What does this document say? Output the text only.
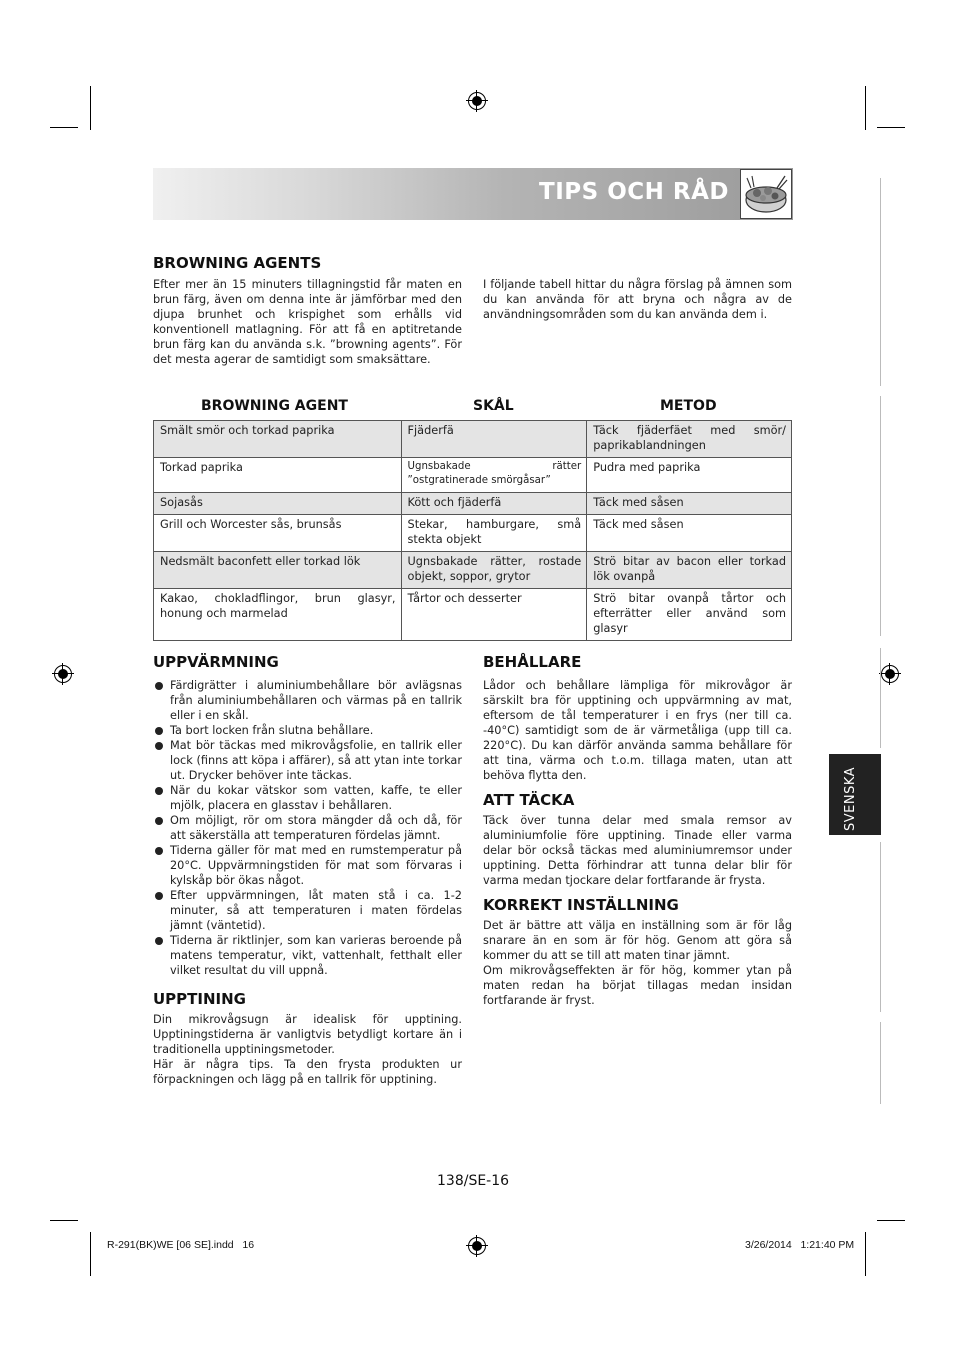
TIPS OCH RÅD
BROWNING AGENTS
Efter mer än 15 minuters tillagningstid får maten en brun färg, även om denna inte är jämförbar med den djupa brunhet och krispighet som erhålls vid konventionell matlagning. För att få en aptitretande brun färg kan du använda s.k. ”browning agents”. För det mesta agerar de samtidigt som smaksättare.
I följande tabell hittar du några förslag på ämnen som du kan använda för att bryna och några av de användningsområden som du kan använda dem i.
BROWNING AGENT	SKÅL	METOD
Smält smör och torkad paprika	Fjäderfä	Täck fjäderfäet med smör/ paprikablandningen
Torkad paprika	Ugnsbakade rätter ”ostgratinerade smörgåsar”	Pudra med paprika
Sojasås	Kött och fjäderfä	Täck med såsen
Grill och Worcester sås, brunsås	Stekar, hamburgare, små stekta objekt	Täck med såsen
Nedsmält baconfett eller torkad lök	Ugnsbakade rätter, rostade objekt, soppor, grytor	Strö bitar av bacon eller torkad lök ovanpå
Kakao, chokladflingor, brun glasyr, honung och marmelad	Tårtor och desserter	Strö bitar ovanpå tårtor och efterrätter eller använd som glasyr
UPPVÄRMNING
Färdigrätter i aluminiumbehållare bör avlägsnas från aluminiumbehållaren och värmas på en tallrik eller i en skål.
Ta bort locken från slutna behållare.
Mat bör täckas med mikrovågsfolie, en tallrik eller lock (finns att köpa i affärer), så att ytan inte torkar ut. Drycker behöver inte täckas.
När du kokar vätskor som vatten, kaffe, te eller mjölk, placera en glasstav i behållaren.
Om möjligt, rör om stora mängder då och då, för att säkerställa att temperaturen fördelas jämnt.
Tiderna gäller för mat med en rumstemperatur på 20°C. Uppvärmningstiden för mat som förvaras i kylskåp bör ökas något.
Efter uppvärmningen, låt maten stå i ca. 1-2 minuter, så att temperaturen i maten fördelas jämnt (väntetid).
Tiderna är riktlinjer, som kan varieras beroende på matens temperatur, vikt, vattenhalt, fetthalt eller vilket resultat du vill uppnå.
UPPTINING
Din mikrovågsugn är idealisk för upptining. Upptiningstiderna är vanligtvis betydligt kortare än i traditionella upptiningsmetoder.
Här är några tips. Ta den frysta produkten ur förpackningen och lägg på en tallrik för upptining.
BEHÅLLARE
Lådor och behållare lämpliga för mikrovågor är särskilt bra för upptining och uppvärmning av mat, eftersom de tål temperaturer i en frys (ner till ca. -40°C) samtidigt som de är värmetåliga (upp till ca. 220°C). Du kan därför använda samma behållare för att tina, värma och t.o.m. tillaga maten, utan att behöva flytta den.
ATT TÄCKA
Täck över tunna delar med smala remsor av aluminiumfolie före upptining. Tinade eller varma delar bör också täckas med aluminiumremsor under upptining. Detta förhindrar att tunna delar blir för varma medan tjockare delar fortfarande är frysta.
KORREKT INSTÄLLNING
Det är bättre att välja en inställning som är för låg snarare än en som är för hög. Genom att göra så kommer du att se till att maten tinar jämnt.
Om mikrovågseffekten är för hög, kommer ytan på maten redan ha börjat tillagas medan insidan fortfarande är fryst.
SVENSKA
138/SE-16
R-291(BK)WE [06 SE].indd   16	3/26/2014   1:21:40 PM
